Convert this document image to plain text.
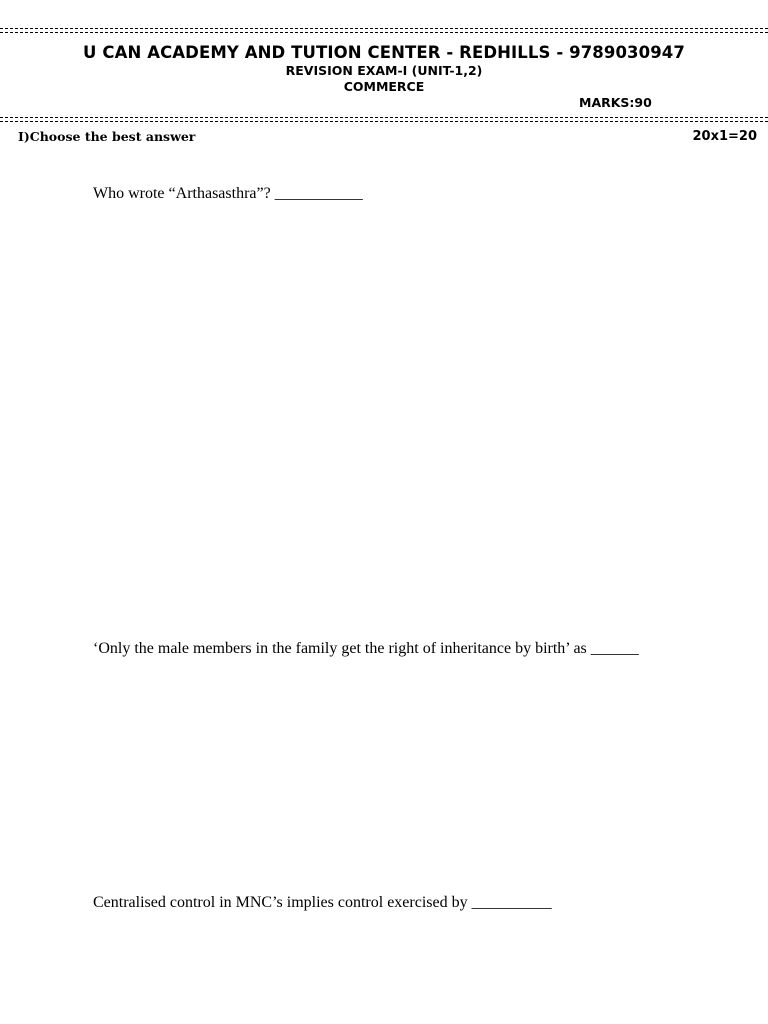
U CAN ACADEMY AND TUTION CENTER - REDHILLS - 9789030947
REVISION EXAM-I (UNIT-1,2)
COMMERCE
MARKS:90
I)Choose the best answer	20x1=20
Who wrote “Arthasasthra”? ___________
‘Only the male members in the family get the right of inheritance by birth’ as ______
Centralised control in MNC’s implies control exercised by __________
